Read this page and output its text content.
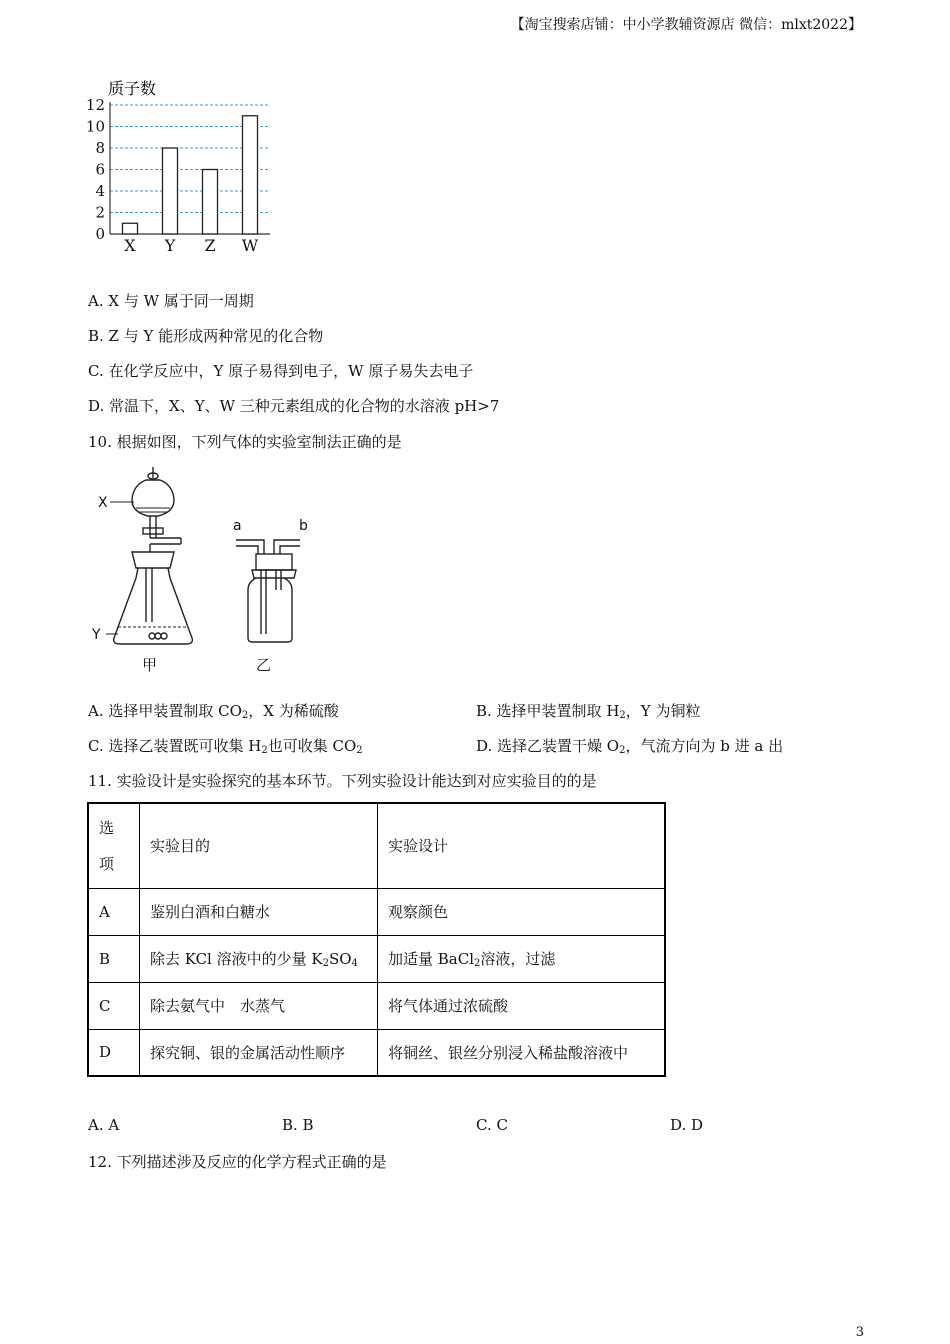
【淘宝搜索店铺：中小学教辅资源店 微信：mlxt2022】
质子数
0
2
4
6
8
10
12
X Y Z W
A. X 与 W 属于同一周期
B. Z 与 Y 能形成两种常见的化合物
C. 在化学反应中，Y 原子易得到电子，W 原子易失去电子
D. 常温下，X、Y、W 三种元素组成的化合物的水溶液 pH>7
10. 根据如图，下列气体的实验室制法正确的是
X
Y
a	b
甲	乙
A. 选择甲装置制取 $CO_2$，X 为稀硫酸	B. 选择甲装置制取 $H_2$，Y 为铜粒
C. 选择乙装置既可收集 $H_2$也可收集 $CO_2$	D. 选择乙装置干燥 $O_2$，气流方向为 b 进 a 出
11. 实验设计是实验探究的基本环节。下列实验设计能达到对应实验目的的是
选
项	实验目的	实验设计
A	鉴别白酒和白糖水	观察颜色
B	除去 KCl 溶液中的少量 $K_2SO_4$	加适量 BaCl$_2$溶液，过滤
C	除去氨气中　水蒸气	将气体通过浓硫酸
D	探究铜、银的金属活动性顺序	将铜丝、银丝分别浸入稀盐酸溶液中
A. A	B. B	C. C	D. D
12. 下列描述涉及反应的化学方程式正确的是
3
